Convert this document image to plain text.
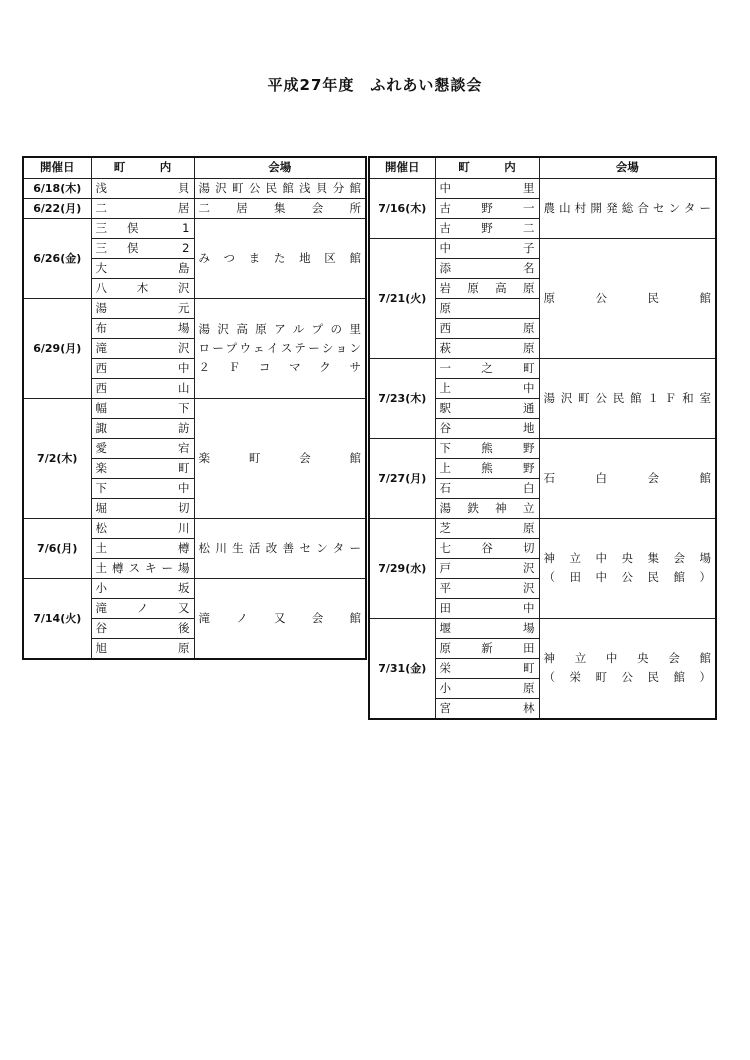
平成27年度　ふれあい懇談会
開催日	町　　　内	会場
6/18(木)	浅貝	湯沢町公民館浅貝分館

6/22(月)	二居	二　居　集　会　所

6/26(金)	三俣 1	みつまた地区館

	三俣 2	
	大島	
	八木沢	
6/29(月)	湯元	湯沢高原アルプの里
ロープウェイステーション
２Ｆコマクサ

	布場	
	滝沢	
	西中	
	西山	
7/2(木)	幅下	楽　町　会　館

	諏訪	
	愛宕	
	楽町	
	下中	
	堀切	
7/6(月)	松川	松川生活改善センター

	土樽	
	土樽スキー場	
7/14(火)	小坂	滝ノ又会館

	滝ノ又	
	谷後	
	旭原	
開催日	町　　　内	会場
7/16(木)	中里	農山村開発総合センター

	古野一	
	古野二	
7/21(火)	中子	原　公　民　館

	添名	
	岩原高原	
	原	
	西原	
	萩原	
7/23(木)	一之町	湯沢町公民館１Ｆ和室

	上中	
	駅通	
	谷地	
7/27(月)	下熊野	石　白　会　館

	上熊野	
	石白	
	湯鉄神立	
7/29(水)	芝原	神立中央集会場
（田中公民館）

	七谷切	
	戸沢	
	平沢	
	田中	
7/31(金)	堰場	神立中央会館
（栄町公民館）

	原新田	
	栄町	
	小原	
	宮林	
